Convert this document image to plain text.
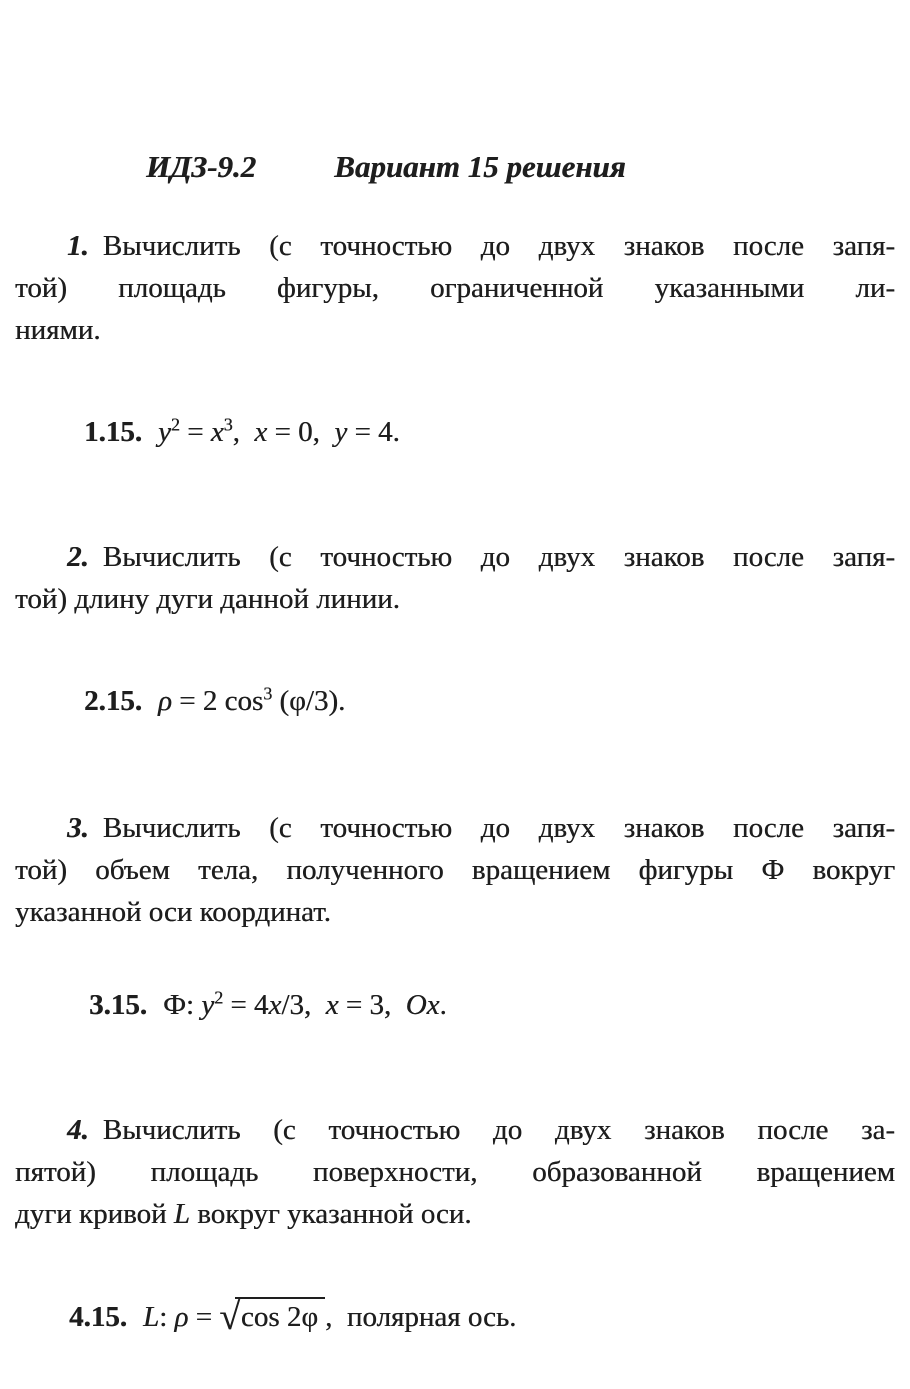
ИДЗ-9.2	Вариант 15 решения
1. Вычислить (с точностью до двух знаков после запя-
той) площадь фигуры, ограниченной указанными ли-
ниями.

1.15. $y^2 = x^3$,  x = 0,  y = 4.

2. Вычислить (с точностью до двух знаков после запя-
той) длину дуги данной линии.

2.15. ρ = 2 $\cos^3 (\varphi/3)$.

3. Вычислить (с точностью до двух знаков после запя-
той) объем тела, полученного вращением фигуры Ф вокруг
указанной оси координат.

3.15. Ф: $y^2 = 4x/3$,  x = 3,  Ox.

4. Вычислить (с точностью до двух знаков после за-
пятой) площадь поверхности, образованной вращением
дуги кривой L вокруг указанной оси.

4.15. L: ρ = √cos 2φ ,  полярная ось.
